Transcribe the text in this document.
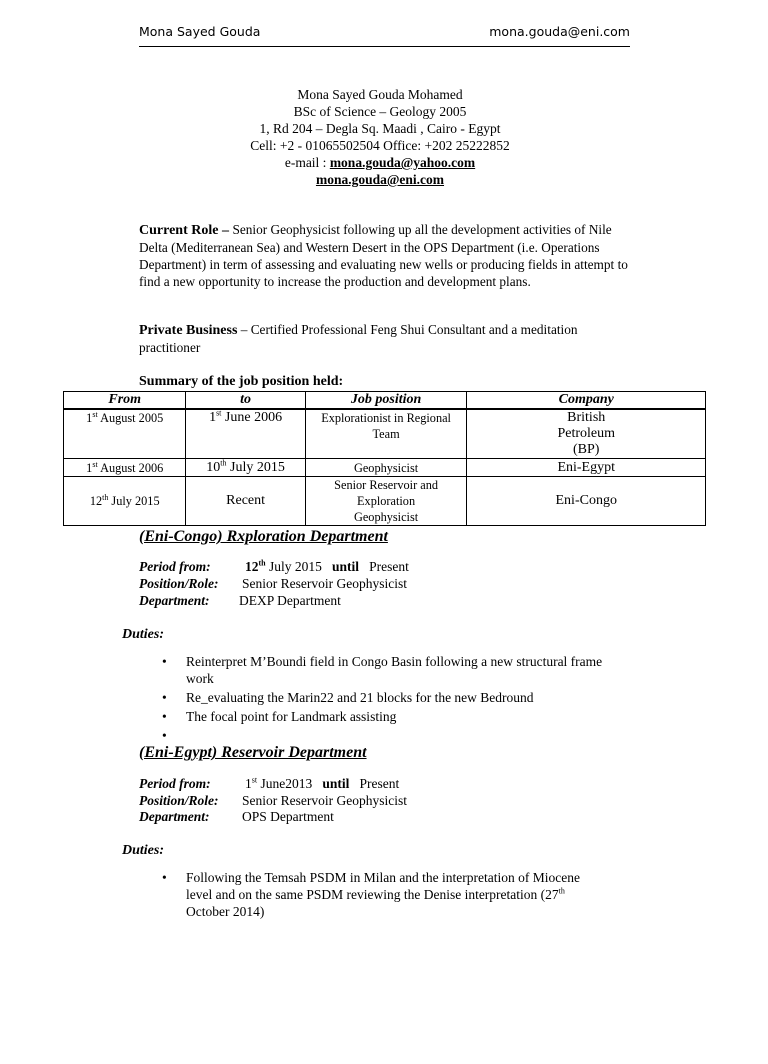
Mona Sayed Gouda	mona.gouda@eni.com
Mona Sayed Gouda Mohamed
BSc of Science – Geology 2005
1, Rd 204 – Degla Sq. Maadi , Cairo - Egypt
Cell: +2 - 01065502504 Office: +202 25222852
e-mail : mona.gouda@yahoo.com
mona.gouda@eni.com
Current Role – Senior Geophysicist following up all the development activities of Nile Delta (Mediterranean Sea) and Western Desert in the OPS Department (i.e. Operations Department) in term of assessing and evaluating new wells or producing fields in attempt to find a new opportunity to increase the production and development plans.
Private Business – Certified Professional Feng Shui Consultant and a meditation practitioner
Summary of the job position held:
From	to	Job position	Company
1st August 2005	1st June 2006	Explorationist in Regional Team	British Petroleum (BP)
1st August 2006	10th July 2015	Geophysicist	Eni-Egypt
12th July 2015	Recent	Senior Reservoir and Exploration Geophysicist	Eni-Congo
(Eni-Congo) Rxploration Department
Period from:	12th July 2015 until Present
Position/Role: Senior Reservoir Geophysicist
Department: DEXP Department
Duties:
• Reinterpret M’Boundi field in Congo Basin following a new structural frame work
• Re_evaluating the Marin22 and 21 blocks for the new Bedround
• The focal point for Landmark assisting
•

(Eni-Egypt) Reservoir Department
Period from:	1st June2013 until Present
Position/Role: Senior Reservoir Geophysicist
Department: OPS Department
Duties:
• Following the Temsah PSDM in Milan and the interpretation of Miocene level and on the same PSDM reviewing the Denise interpretation (27th October 2014)
